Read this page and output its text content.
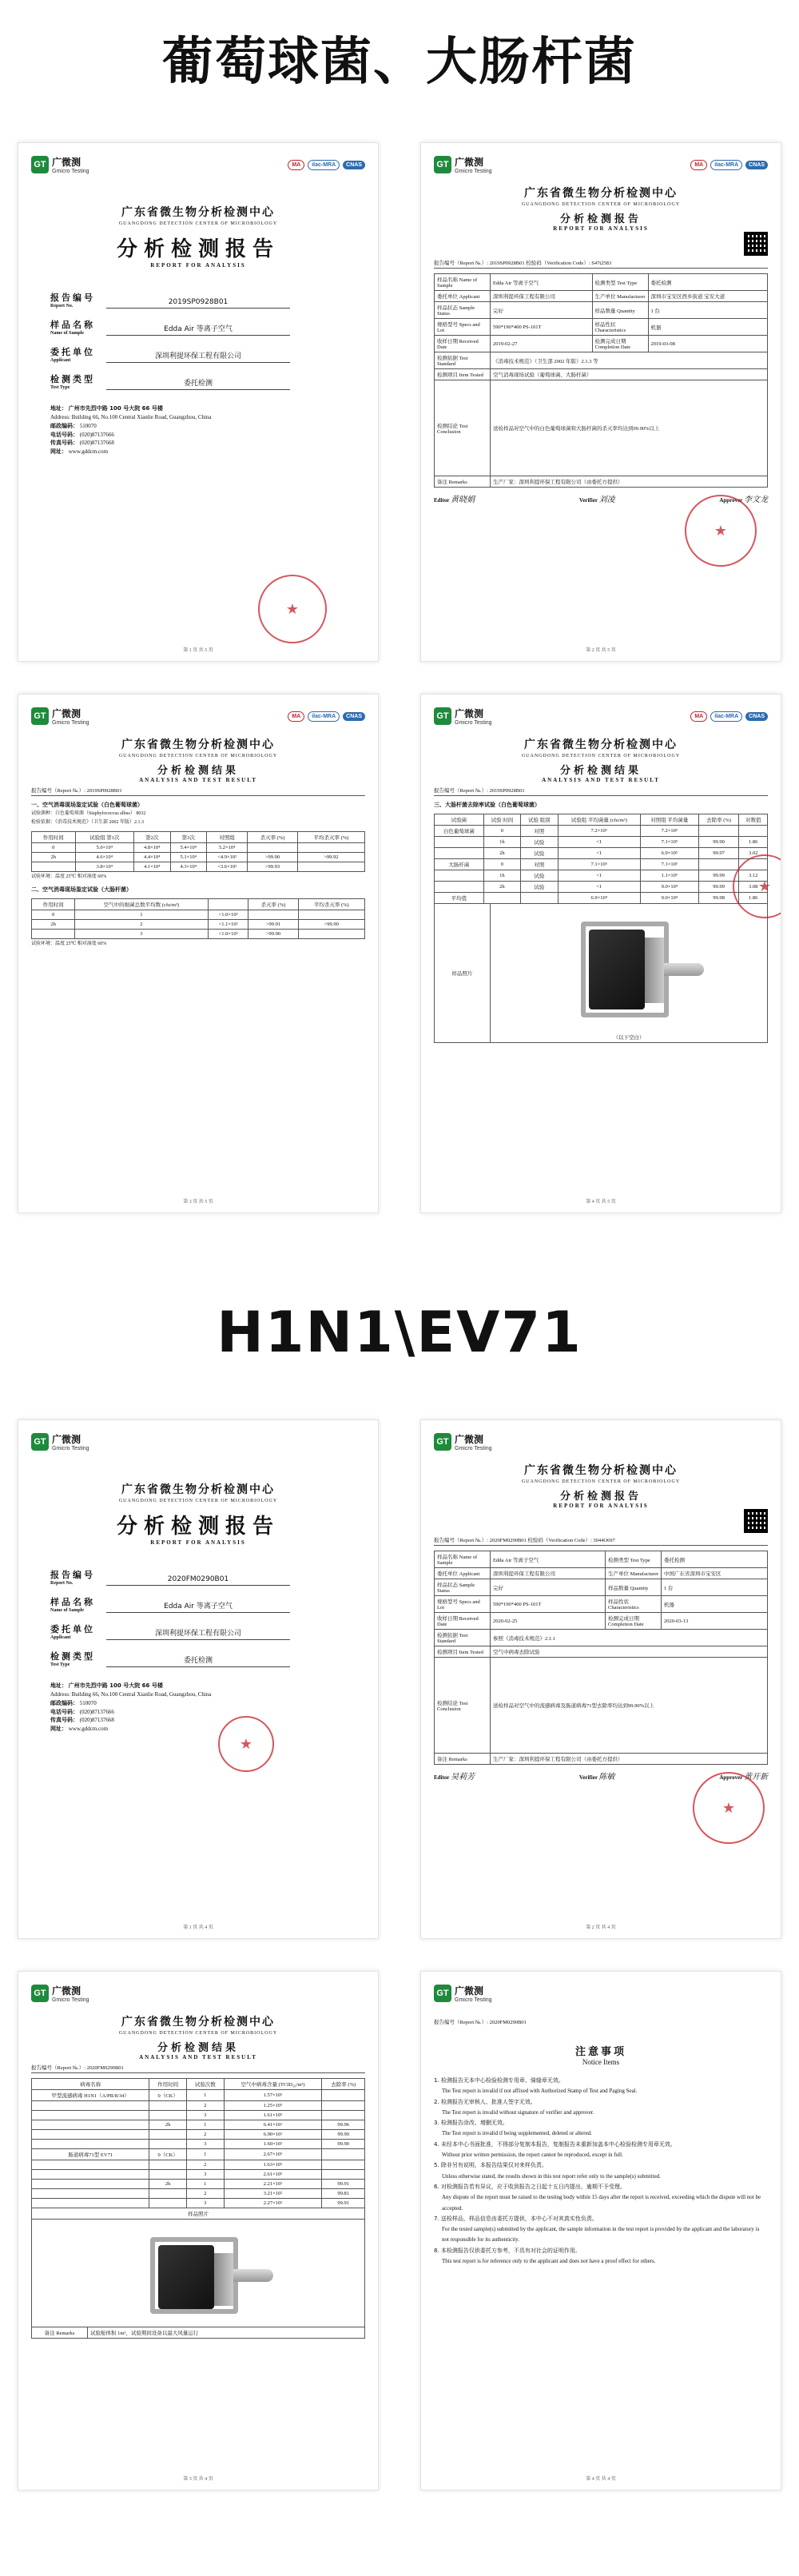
葡萄球菌、大肠杆菌
GT 广微测
Gmicro Testing
MA	ilac-MRA	CNAS
广东省微生物分析检测中心
GUANGDONG DETECTION CENTER OF MICROBIOLOGY
分析检测报告
REPORT FOR ANALYSIS
报告编号
Report No.	2019SP0928B01
样品名称
Name of Sample	Edda Air 等离子空气
委托单位
Applicant	深圳利提环保工程有限公司
检测类型
Test Type	委托检测
地址： 广州市先烈中路 100 号大院 66 号楼
Address: Building 66, No.100 Central Xianlie Road, Guangzhou, China
邮政编码： 510070
电话号码： (020)87137666
传真号码： (020)87137668
网址： www.gddcm.com
★
第 1 页 共 5 页
GT 广微测
Gmicro Testing
MA	ilac-MRA	CNAS
广东省微生物分析检测中心
GUANGDONG DETECTION CENTER OF MICROBIOLOGY
分析检测报告
REPORT FOR ANALYSIS
报告编号（Report №.）: 2019SP0928B01 校验码（Verification Code）: S47t2583
样品名称 Name of Sample	Edda Air 等离子空气	检测类型 Test Type	委托检测
委托单位 Applicant	深圳利提环保工程有限公司	生产单位 Manufacturer	深圳市宝安区西乡街道 宝安大道
样品状态 Sample Status	完好	样品数量 Quantity	1 台
规格型号 Specs and Lot	590*190*400 PS-101T	样品性状 Characteristics	机器
收样日期 Received Date	2019-02-27	检测完成日期 Completion Date	2019-03-08
检测依据 Test Standard	《消毒技术规范》（卫生部 2002 年版）2.1.3 等		
检测项目 Item Tested	空气消毒现场试验（葡萄球菌、大肠杆菌）		
检测结论 Test Conclusion	送检样品对空气中的白色葡萄球菌和大肠杆菌的杀灭率均达到99.90%以上
备注 Remarks	生产厂家：深圳利提环保工程有限公司（由委托方提供）
Editor 黄晓娟	Verifier 刘凌	Approver 李文龙
★
第 2 页 共 5 页
GT 广微测
Gmicro Testing
MA	ilac-MRA	CNAS
广东省微生物分析检测中心
GUANGDONG DETECTION CENTER OF MICROBIOLOGY
分析检测结果
ANALYSIS AND TEST RESULT
报告编号（Report №.）: 2019SP0928B01
一、空气消毒现场鉴定试验（白色葡萄球菌）
试验菌种：白色葡萄球菌（Staphylococcus albus） 8032
检验依据：《消毒技术规范》（卫生部 2002 年版）2.1.3
作用时间	试验组 第1次	第2次	第3次	对照组	杀灭率 (%)	平均杀灭率 (%)
0	5.0×10⁴	4.8×10⁴	5.4×10⁴	5.2×10⁴		
2h	4.6×10⁴	4.4×10⁴	5.1×10⁴	<4.9×10²	>99.90	>99.92
	3.8×10⁴	4.1×10⁴	4.3×10⁴	<3.6×10²	>99.93	
试验环境：温度 25℃ 相对湿度 60%
二、空气消毒现场鉴定试验（大肠杆菌）
作用时间	空气中的细菌总数平均数 (cfu/m³)		杀灭率 (%)	平均杀灭率 (%)
0	1	<1.0×10²		
2h	2	<1.1×10²	>99.91	>99.90
	3	<1.0×10²	>99.90	
试验环境：温度 25℃ 相对湿度 60%
第 3 页 共 5 页
GT 广微测
Gmicro Testing
MA	ilac-MRA	CNAS
广东省微生物分析检测中心
GUANGDONG DETECTION CENTER OF MICROBIOLOGY
分析检测结果
ANALYSIS AND TEST RESULT
报告编号（Report №.）: 2019SP0928B01
三、大肠杆菌去除率试验（白色葡萄球菌）
试验菌	试验 时间	试验 组别	试验组 平均菌量 (cfu/m³)	对照组 平均菌量	去除率 (%)	对数值
白色葡萄球菌	0	对照	7.2×10⁵	7.2×10⁵		
	1h	试验	<1	7.1×10⁵	99.90	1.86
	2h	试验	<1	6.9×10⁵	99.97	3.02
大肠杆菌	0	对照	7.1×10⁵	7.1×10⁵		
	1h	试验	<1	1.1×10⁵	99.99	3.12
	2h	试验	<1	9.0×10⁴	99.99	3.08
平均值			6.9×10⁴	9.0×10⁴	99.98	1.86
样品照片	
（以下空白）
★
第 4 页 共 5 页
H1N1\EV71
GT 广微测
Gmicro Testing
广东省微生物分析检测中心
GUANGDONG DETECTION CENTER OF MICROBIOLOGY
分析检测报告
REPORT FOR ANALYSIS
报告编号
Report No.	2020FM0290B01
样品名称
Name of Sample	Edda Air 等离子空气
委托单位
Applicant	深圳利提环保工程有限公司
检测类型
Test Type	委托检测
地址： 广州市先烈中路 100 号大院 66 号楼
Address: Building 66, No.100 Central Xianlie Road, Guangzhou, China
邮政编码： 510070
电话号码： (020)87137666
传真号码： (020)87137668
网址： www.gddcm.com
★
第 1 页 共 4 页
GT 广微测
Gmicro Testing
广东省微生物分析检测中心
GUANGDONG DETECTION CENTER OF MICROBIOLOGY
分析检测报告
REPORT FOR ANALYSIS
报告编号（Report №.）: 2020FM0290B01 校验码（Verification Code）: 3044O697
样品名称 Name of Sample	Edda Air 等离子空气	检测类型 Test Type	委托检测
委托单位 Applicant	深圳利提环保工程有限公司	生产单位 Manufacturer	中国广东省深圳市宝安区
样品状态 Sample Status	完好	样品数量 Quantity	1 台
规格型号 Specs and Lot	590*190*400 PS-101T	样品性状 Characteristics	机器
收样日期 Received Date	2020-02-25	检测完成日期 Completion Date	2020-03-13
检测依据 Test Standard	参照《消毒技术规范》2.1.1		
检测项目 Item Tested	空气中病毒去除试验		
检测结论 Test Conclusion	送检样品对空气中的流感病毒及肠道病毒71型去除率均达到99.90%以上
备注 Remarks	生产厂家：深圳利提环保工程有限公司（由委托方提供）
Editor 吴莉芳	Verifier 陈敏	Approver 黄开新
★
第 2 页 共 4 页
GT 广微测
Gmicro Testing
广东省微生物分析检测中心
GUANGDONG DETECTION CENTER OF MICROBIOLOGY
分析检测结果
ANALYSIS AND TEST RESULT
报告编号（Report №.）: 2020FM0290B01
病毒名称	作用时间	试验次数	空气中病毒含量 (TCID₅₀/m³)	去除率 (%)
甲型流感病毒 H1N1（A/PR/8/34）	0（CK）	1	1.57×10⁵	
		2	1.25×10⁵	
		3	1.61×10⁵	
	2h	1	6.41×10¹	99.96
		2	6.90×10¹	99.90
		3	1.60×10²	99.90
肠道病毒71型 EV71	0（CK）	1	2.67×10⁵	
		2	1.63×10⁵	
		3	2.61×10⁵	
	2h	1	2.21×10²	99.91
		2	3.21×10²	99.81
		3	2.27×10²	99.91
样品照片

备注 Remarks	试验舱体积 1m³，试验期间设备以最大风量运行
第 3 页 共 4 页
GT 广微测
Gmicro Testing
报告编号（Report №.）: 2020FM0290B01
注意事项
Notice Items
1. 检测报告无本中心检验检测专用章、骑缝章无效。
The Test report is invalid if not affixed with Authorized Stamp of Test and Paging Seal.
2. 检测报告无审核人、批准人签字无效。
The Test report is invalid without signature of verifier and approver.
3. 检测报告涂改、增删无效。
The Test report is invalid if being supplemented, deleted or altered.
4. 未经本中心书面批准，不得部分复制本报告，复制报告未重新加盖本中心检验检测专用章无效。
Without prior written permission, the report cannot be reproduced, except in full.
5. 除非另有说明，本报告结果仅对来样负责。
Unless otherwise stated, the results shown in this test report refer only to the sample(s) submitted.
6. 对检测报告若有异议，应于收到报告之日起十五日内提出，逾期不予受理。
Any dispute of the report must be raised to the testing body within 15 days after the report is received, exceeding which the dispute will not be accepted.
7. 送检样品，样品信息由委托方提供，本中心不对其真实性负责。
For the tested sample(s) submitted by the applicant, the sample information in the test report is provided by the applicant and the laboratory is not responsible for its authenticity.
8. 本检测报告仅供委托方参考，不具有对社会的证明作用。
This test report is for reference only to the applicant and does not have a proof effect for others.
第 4 页 共 4 页
